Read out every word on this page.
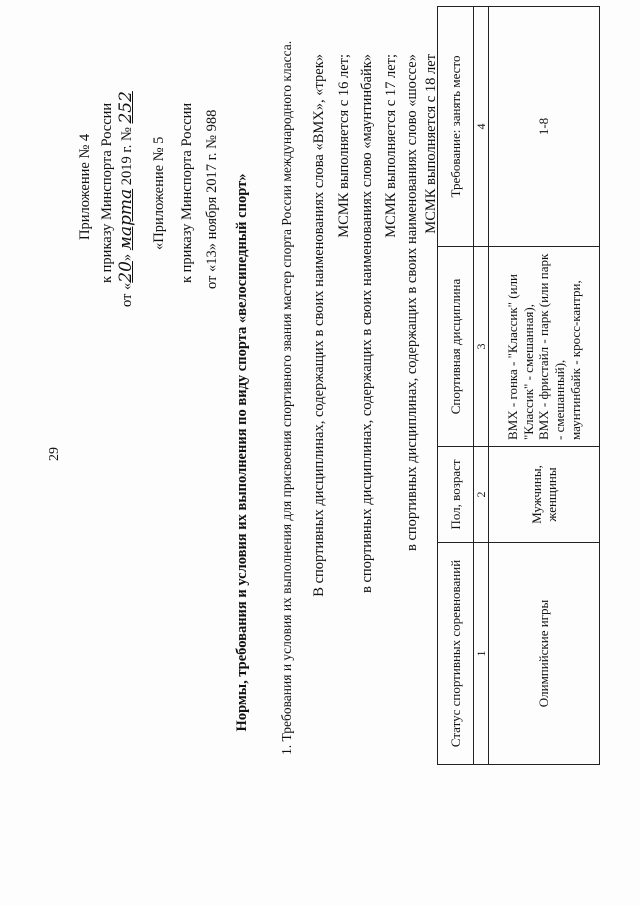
29
Приложение № 4 к приказу Минспорта России
от «20» марта 2019 г. № 252
«Приложение № 5 к приказу Минспорта России от «13» ноября 2017 г. № 988 Нормы, требования и условия их выполнения по виду спорта «велосипедный спорт» 1. Требования и условия их выполнения для присвоения спортивного звания мастер спорта России международного класса. В спортивных дисциплинах, содержащих в своих наименованиях слова «BMX», «трек» МСМК выполняется с 16 лет; в спортивных дисциплинах, содержащих в своих наименованиях слово «маунтинбайк» МСМК выполняется с 17 лет; в спортивных дисциплинах, содержащих в своих наименованиях слово «шоссе» МСМК выполняется с 18 лет
Статус спортивных соревнований	Пол, возраст	Спортивная дисциплина	Требование: занять место
1	2	3	4
Олимпийские игры	Мужчины, женщины	BMX - гонка - "Классик" (или "Классик" - смешанная), BMX - фристайл - парк (или парк - смешанный), маунтинбайк - кросс-кантри,	1-8
